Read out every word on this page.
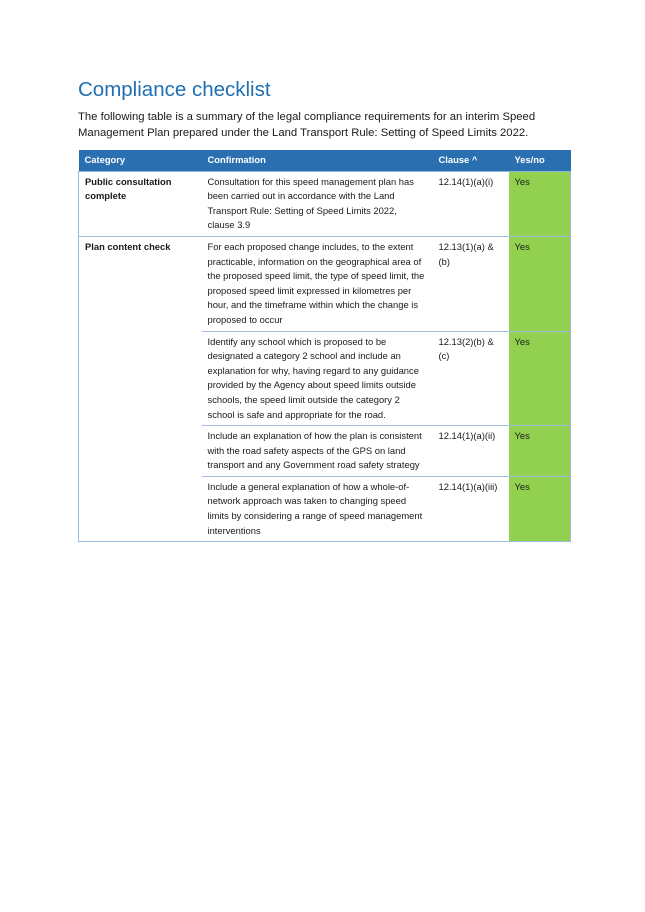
Compliance checklist

The following table is a summary of the legal compliance requirements for an interim Speed Management Plan prepared under the Land Transport Rule: Setting of Speed Limits 2022.

Category	Confirmation	Clause ^	Yes/no
Public consultation complete	Consultation for this speed management plan has been carried out in accordance with the Land Transport Rule: Setting of Speed Limits 2022, clause 3.9	12.14(1)(a)(i)	Yes
Plan content check	For each proposed change includes, to the extent practicable, information on the geographical area of the proposed speed limit, the type of speed limit, the proposed speed limit expressed in kilometres per hour, and the timeframe within which the change is proposed to occur	12.13(1)(a) & (b)	Yes
	Identify any school which is proposed to be designated a category 2 school and include an explanation for why, having regard to any guidance provided by the Agency about speed limits outside schools, the speed limit outside the category 2 school is safe and appropriate for the road.	12.13(2)(b) & (c)	Yes
	Include an explanation of how the plan is consistent with the road safety aspects of the GPS on land transport and any Government road safety strategy	12.14(1)(a)(ii)	Yes
	Include a general explanation of how a whole-of-network approach was taken to changing speed limits by considering a range of speed management interventions	12.14(1)(a)(iii)	Yes
